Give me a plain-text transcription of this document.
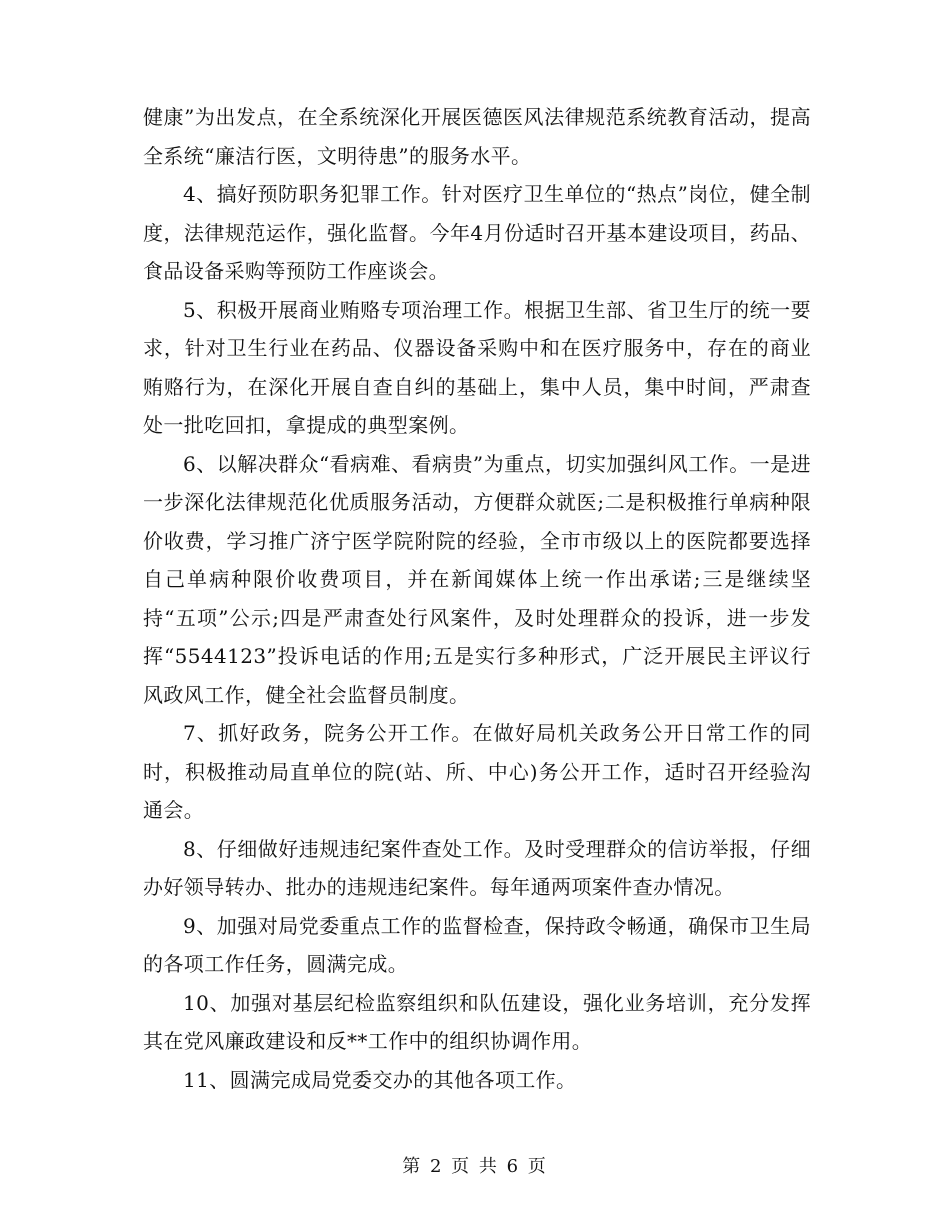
健康”为出发点，在全系统深化开展医德医风法律规范系统教育活动，提高全系统“廉洁行医，文明待患”的服务水平。

4、搞好预防职务犯罪工作。针对医疗卫生单位的“热点”岗位，健全制度，法律规范运作，强化监督。今年4月份适时召开基本建设项目，药品、食品设备采购等预防工作座谈会。

5、积极开展商业贿赂专项治理工作。根据卫生部、省卫生厅的统一要求，针对卫生行业在药品、仪器设备采购中和在医疗服务中，存在的商业贿赂行为，在深化开展自查自纠的基础上，集中人员，集中时间，严肃查处一批吃回扣，拿提成的典型案例。

6、以解决群众“看病难、看病贵”为重点，切实加强纠风工作。一是进一步深化法律规范化优质服务活动，方便群众就医;二是积极推行单病种限价收费，学习推广济宁医学院附院的经验，全市市级以上的医院都要选择自己单病种限价收费项目，并在新闻媒体上统一作出承诺;三是继续坚持“五项”公示;四是严肃查处行风案件，及时处理群众的投诉，进一步发挥“5544123”投诉电话的作用;五是实行多种形式，广泛开展民主评议行风政风工作，健全社会监督员制度。

7、抓好政务，院务公开工作。在做好局机关政务公开日常工作的同时，积极推动局直单位的院(站、所、中心)务公开工作，适时召开经验沟通会。

8、仔细做好违规违纪案件查处工作。及时受理群众的信访举报，仔细办好领导转办、批办的违规违纪案件。每年通两项案件查办情况。

9、加强对局党委重点工作的监督检查，保持政令畅通，确保市卫生局的各项工作任务，圆满完成。

10、加强对基层纪检监察组织和队伍建设，强化业务培训，充分发挥其在党风廉政建设和反**工作中的组织协调作用。

11、圆满完成局党委交办的其他各项工作。

第 2 页 共 6 页
